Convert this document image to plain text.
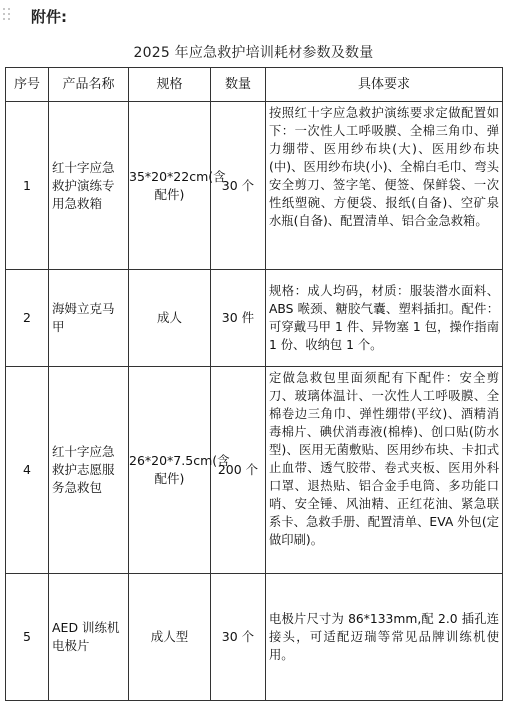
附件:
2025 年应急救护培训耗材参数及数量
序号	产品名称	规格	数量	具体要求
1	红十字应急救护演练专用急救箱	35*20*22cm(含配件)	30 个	按照红十字应急救护演练要求定做配置如下：一次性人工呼吸膜、全棉三角巾、弹力绷带、医用纱布块(大)、医用纱布块(中)、医用纱布块(小)、全棉白毛巾、弯头安全剪刀、签字笔、便签、保鲜袋、一次性纸塑碗、方便袋、报纸(自备)、空矿泉水瓶(自备)、配置清单、铝合金急救箱。
2	海姆立克马甲	成人	30 件	规格：成人均码，材质：服装潜水面料、ABS 喉颈、糖胶气囊、塑料插扣。配件：可穿戴马甲 1 件、异物塞 1 包，操作指南 1 份、收纳包 1 个。
4	红十字应急救护志愿服务急救包	26*20*7.5cm(含配件)	200 个	定做急救包里面须配有下配件：安全剪刀、玻璃体温计、一次性人工呼吸膜、全棉卷边三角巾、弹性绷带(平纹)、酒精消毒棉片、碘伏消毒液(棉棒)、创口贴(防水型)、医用无菌敷贴、医用纱布块、卡扣式止血带、透气胶带、卷式夹板、医用外科口罩、退热贴、铝合金手电筒、多功能口哨、安全锤、风油精、正红花油、紧急联系卡、急救手册、配置清单、EVA 外包(定做印刷)。
5	AED 训练机电极片	成人型	30 个	电极片尺寸为 86*133mm,配 2.0 插孔连接头，可适配迈瑞等常见品牌训练机使用。
